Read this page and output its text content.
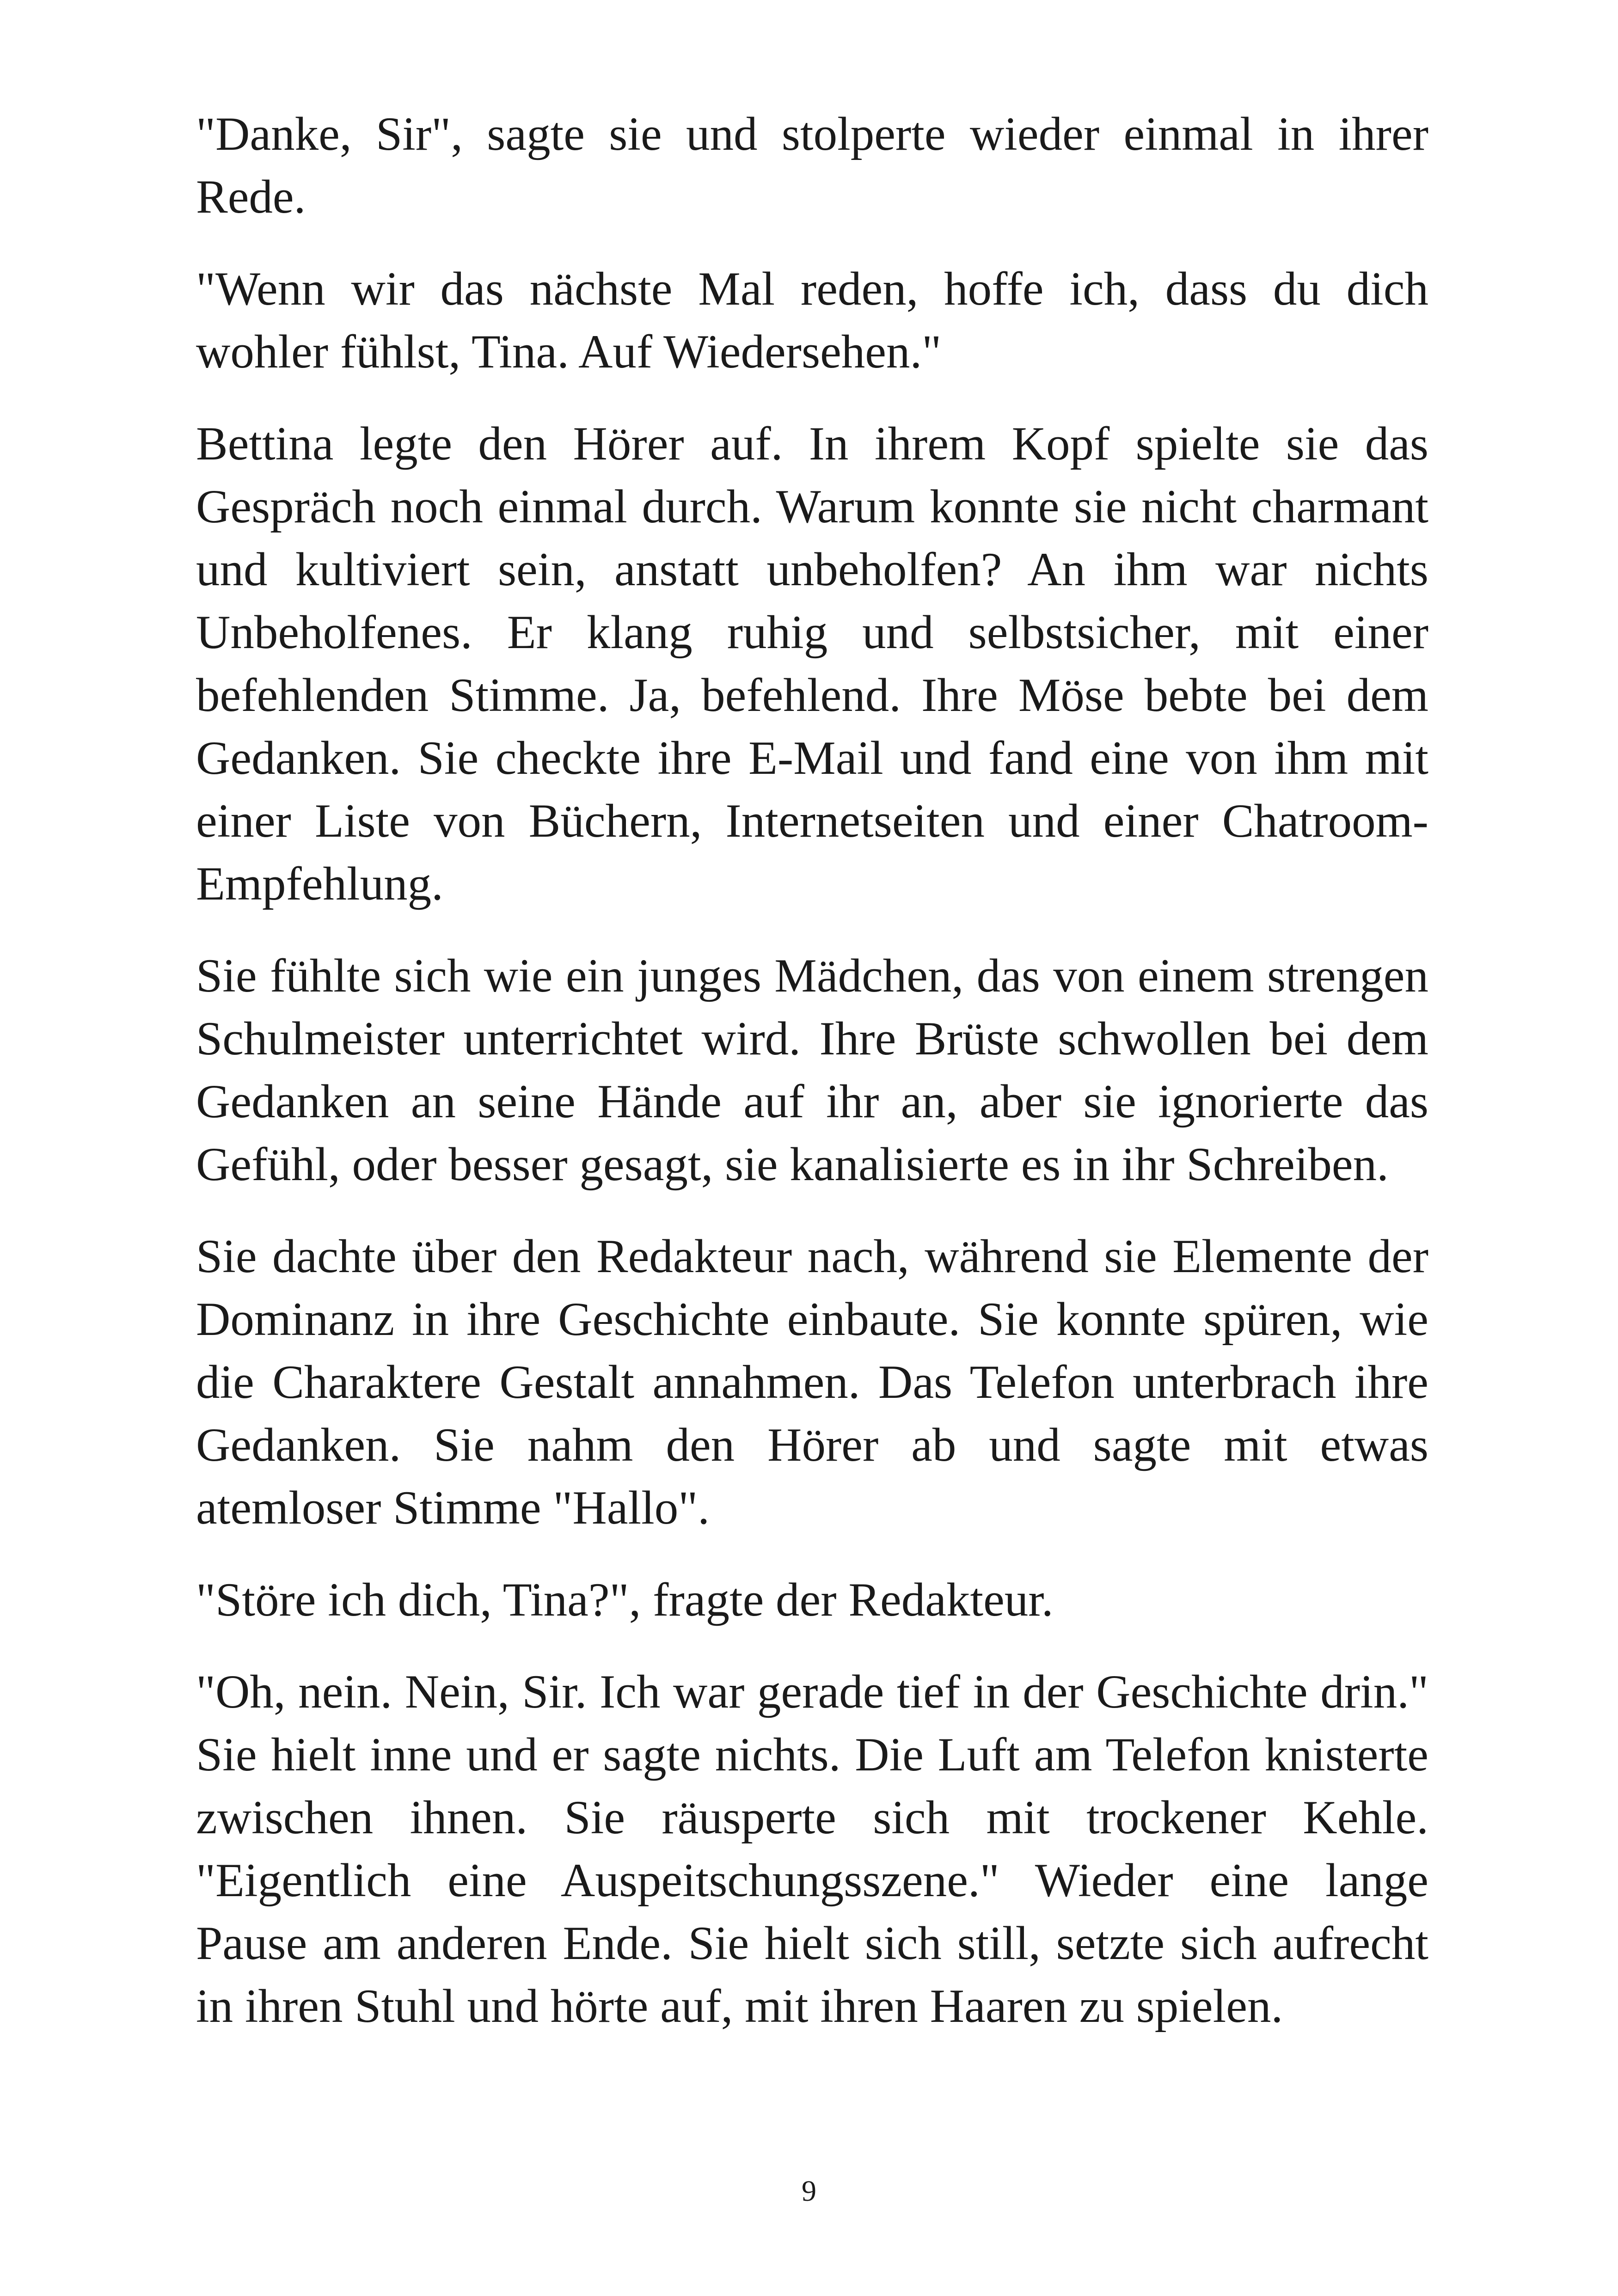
"Danke, Sir", sagte sie und stolperte wieder einmal in ihrer Rede.

"Wenn wir das nächste Mal reden, hoffe ich, dass du dich wohler fühlst, Tina. Auf Wiedersehen."

Bettina legte den Hörer auf. In ihrem Kopf spielte sie das Gespräch noch einmal durch. Warum konnte sie nicht charmant und kultiviert sein, anstatt unbeholfen? An ihm war nichts Unbeholfenes. Er klang ruhig und selbstsicher, mit einer befehlenden Stimme. Ja, befehlend. Ihre Möse bebte bei dem Gedanken. Sie checkte ihre E-Mail und fand eine von ihm mit einer Liste von Büchern, Internetseiten und einer Chatroom-Empfehlung.

Sie fühlte sich wie ein junges Mädchen, das von einem strengen Schulmeister unterrichtet wird. Ihre Brüste schwollen bei dem Gedanken an seine Hände auf ihr an, aber sie ignorierte das Gefühl, oder besser gesagt, sie kanalisierte es in ihr Schreiben.

Sie dachte über den Redakteur nach, während sie Elemente der Dominanz in ihre Geschichte einbaute. Sie konnte spüren, wie die Charaktere Gestalt annahmen. Das Telefon unterbrach ihre Gedanken. Sie nahm den Hörer ab und sagte mit etwas atemloser Stimme "Hallo".

"Störe ich dich, Tina?", fragte der Redakteur.

"Oh, nein. Nein, Sir. Ich war gerade tief in der Geschichte drin." Sie hielt inne und er sagte nichts. Die Luft am Telefon knisterte zwischen ihnen. Sie räusperte sich mit trockener Kehle. "Eigentlich eine Auspeitschungsszene." Wieder eine lange Pause am anderen Ende. Sie hielt sich still, setzte sich aufrecht in ihren Stuhl und hörte auf, mit ihren Haaren zu spielen.

9
